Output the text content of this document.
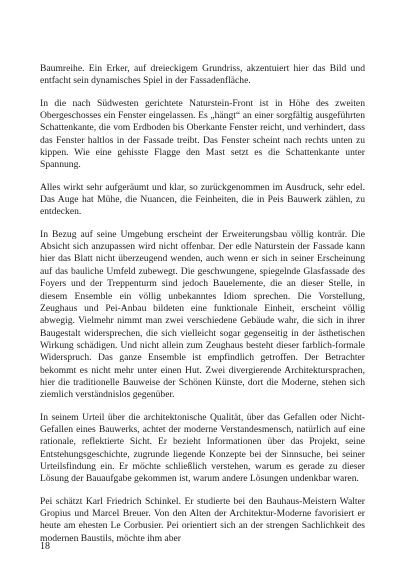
Baumreihe. Ein Erker, auf dreieckigem Grundriss, akzentuiert hier das Bild und entfacht sein dynamisches Spiel in der Fassadenfläche.

In die nach Südwesten gerichtete Naturstein-Front ist in Höhe des zweiten Obergeschosses ein Fenster eingelassen. Es „hängt“ an einer sorgfältig ausgeführten Schattenkante, die vom Erdboden bis Oberkante Fenster reicht, und verhindert, dass das Fenster haltlos in der Fassade treibt. Das Fenster scheint nach rechts unten zu kippen. Wie eine gehisste Flagge den Mast setzt es die Schattenkante unter Spannung.

Alles wirkt sehr aufgeräumt und klar, so zurückgenommen im Ausdruck, sehr edel. Das Auge hat Mühe, die Nuancen, die Feinheiten, die in Peis Bauwerk zählen, zu entdecken.

In Bezug auf seine Umgebung erscheint der Erweiterungsbau völlig konträr. Die Absicht sich anzupassen wird nicht offenbar. Der edle Naturstein der Fassade kann hier das Blatt nicht überzeugend wenden, auch wenn er sich in seiner Erscheinung auf das bauliche Umfeld zubewegt. Die geschwungene, spiegelnde Glasfassade des Foyers und der Treppenturm sind jedoch Bauelemente, die an dieser Stelle, in diesem Ensemble ein völlig unbekanntes Idiom sprechen. Die Vorstellung, Zeughaus und Pei-Anbau bildeten eine funktionale Einheit, erscheint völlig abwegig. Vielmehr nimmt man zwei verschiedene Gebäude wahr, die sich in ihrer Baugestalt widersprechen, die sich vielleicht sogar gegenseitig in der ästhetischen Wirkung schädigen. Und nicht allein zum Zeughaus besteht dieser farblich-formale Widerspruch. Das ganze Ensemble ist empfindlich getroffen. Der Betrachter bekommt es nicht mehr unter einen Hut. Zwei divergierende Architektursprachen, hier die traditionelle Bauweise der Schönen Künste, dort die Moderne, stehen sich ziemlich verständnislos gegenüber.

In seinem Urteil über die architektonische Qualität, über das Gefallen oder Nicht-Gefallen eines Bauwerks, achtet der moderne Verstandesmensch, natürlich auf eine rationale, reflektierte Sicht. Er bezieht Informationen über das Projekt, seine Entstehungsgeschichte, zugrunde liegende Konzepte bei der Sinnsuche, bei seiner Urteilsfindung ein. Er möchte schließlich verstehen, warum es gerade zu dieser Lösung der Bauaufgabe gekommen ist, warum andere Lösungen undenkbar waren.

Pei schätzt Karl Friedrich Schinkel. Er studierte bei den Bauhaus-Meistern Walter Gropius und Marcel Breuer. Von den Alten der Architektur-Moderne favorisiert er heute am ehesten Le Corbusier. Pei orientiert sich an der strengen Sachlichkeit des modernen Baustils, möchte ihm aber

18
